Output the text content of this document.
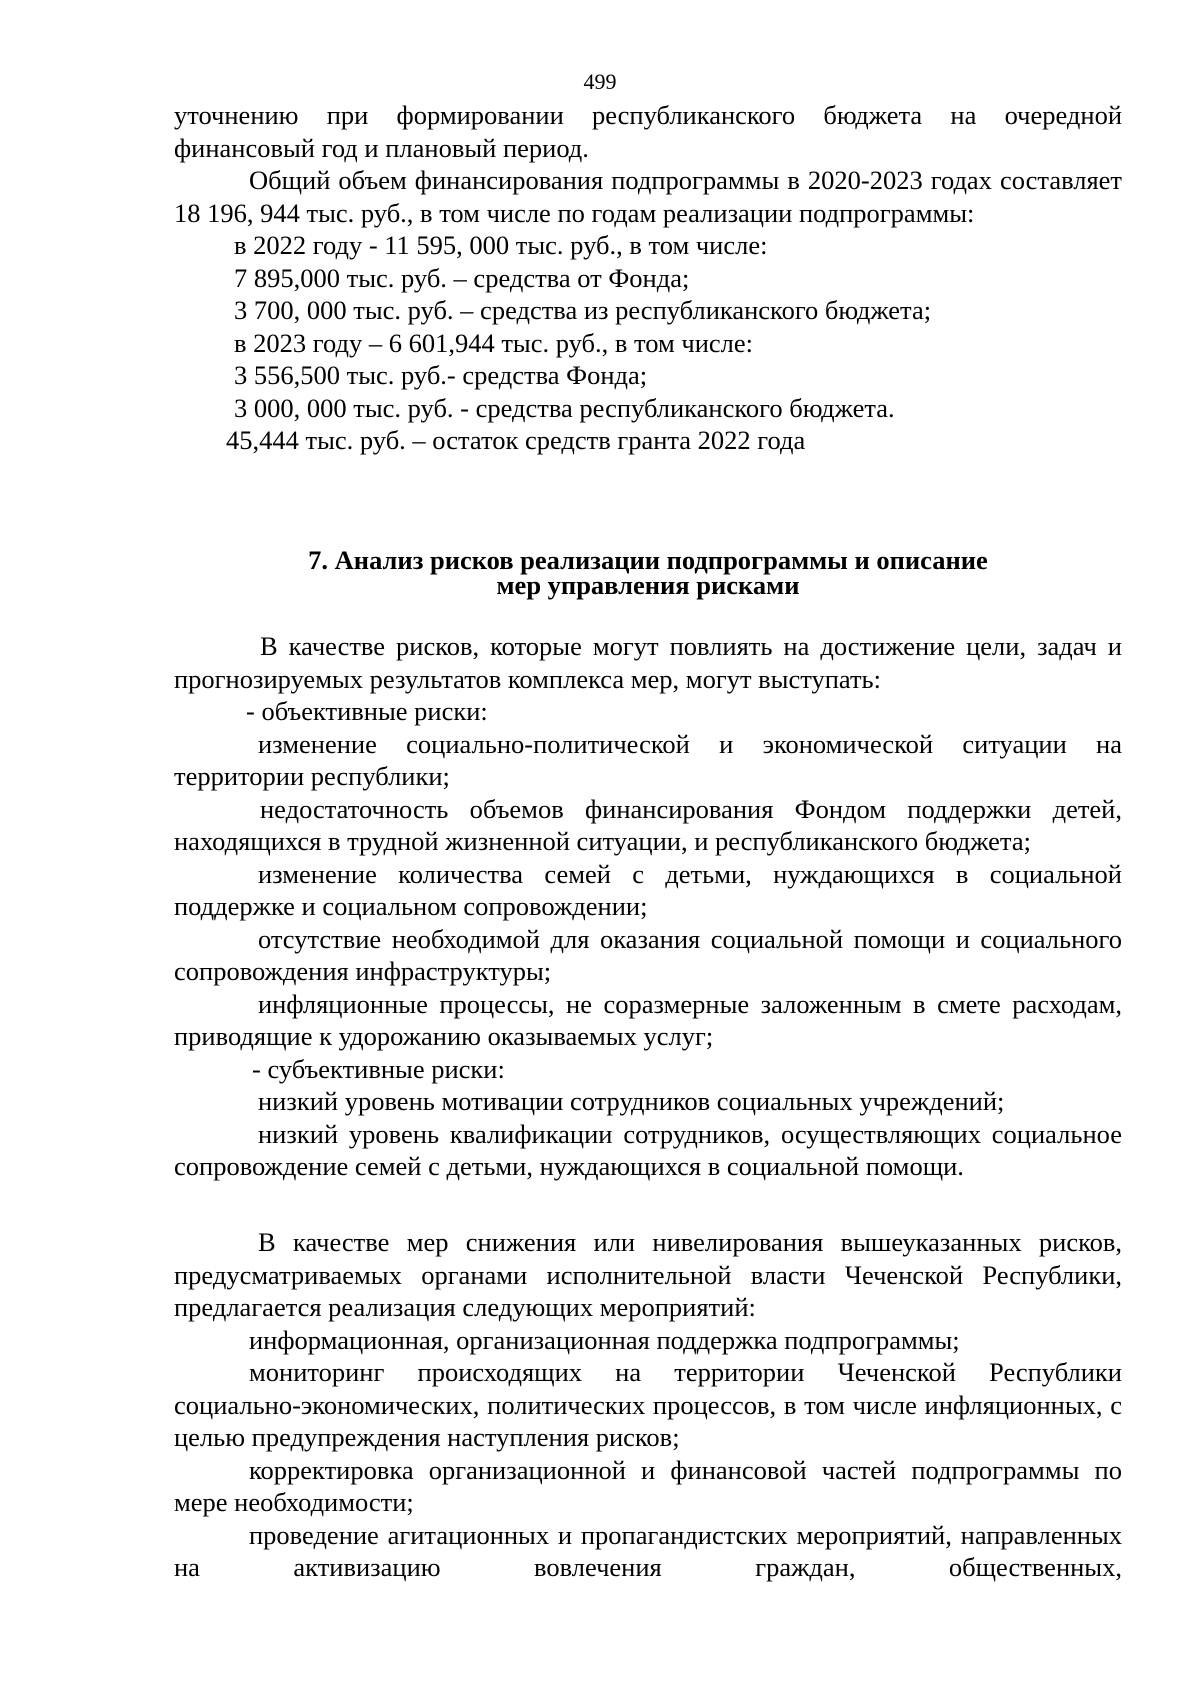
499

уточнению при формировании республиканского бюджета на очередной финансовый год и плановый период.

Общий объем финансирования подпрограммы в 2020-2023 годах составляет 18 196, 944 тыс. руб., в том числе по годам реализации подпрограммы:

в 2022 году - 11 595, 000 тыс. руб., в том числе:

7 895,000 тыс. руб. – средства от Фонда;

3 700, 000 тыс. руб. – средства из республиканского бюджета;

в 2023 году – 6 601,944 тыс. руб., в том числе:

3 556,500 тыс. руб.- средства Фонда;

3 000, 000 тыс. руб. - средства республиканского бюджета.

45,444 тыс. руб. – остаток средств гранта 2022 года

7. Анализ рисков реализации подпрограммы и описание
мер управления рисками

В качестве рисков, которые могут повлиять на достижение цели, задач и прогнозируемых результатов комплекса мер, могут выступать:

- объективные риски:

изменение социально-политической и экономической ситуации на территории республики;

недостаточность объемов финансирования Фондом поддержки детей, находящихся в трудной жизненной ситуации, и республиканского бюджета;

изменение количества семей с детьми, нуждающихся в социальной поддержке и социальном сопровождении;

отсутствие необходимой для оказания социальной помощи и социального сопровождения инфраструктуры;

инфляционные процессы, не соразмерные заложенным в смете расходам, приводящие к удорожанию оказываемых услуг;

- субъективные риски:

низкий уровень мотивации сотрудников социальных учреждений;

низкий уровень квалификации сотрудников, осуществляющих социальное сопровождение семей с детьми, нуждающихся в социальной помощи.

В качестве мер снижения или нивелирования вышеуказанных рисков, предусматриваемых органами исполнительной власти Чеченской Республики, предлагается реализация следующих мероприятий:

информационная, организационная поддержка подпрограммы;

мониторинг происходящих на территории Чеченской Республики социально-экономических, политических процессов, в том числе инфляционных, с целью предупреждения наступления рисков;

корректировка организационной и финансовой частей подпрограммы по мере необходимости;

проведение агитационных и пропагандистских мероприятий, направленных на активизацию вовлечения граждан, общественных,
